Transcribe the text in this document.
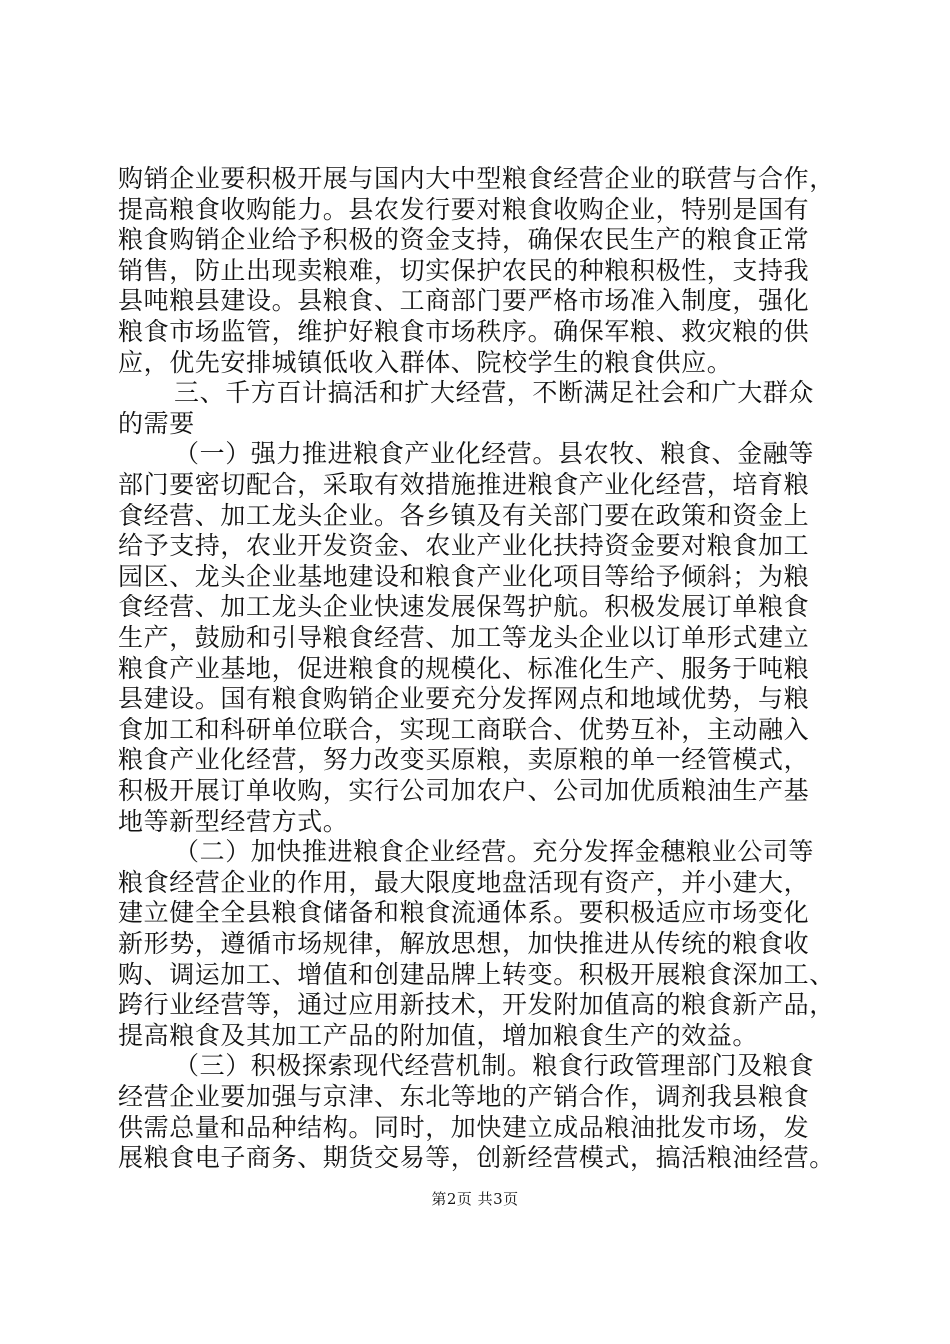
购销企业要积极开展与国内大中型粮食经营企业的联营与合作，
提高粮食收购能力。县农发行要对粮食收购企业，特别是国有
粮食购销企业给予积极的资金支持，确保农民生产的粮食正常
销售，防止出现卖粮难，切实保护农民的种粮积极性，支持我
县吨粮县建设。县粮食、工商部门要严格市场准入制度，强化
粮食市场监管，维护好粮食市场秩序。确保军粮、救灾粮的供
应，优先安排城镇低收入群体、院校学生的粮食供应。
三、千方百计搞活和扩大经营，不断满足社会和广大群众
的需要
（一）强力推进粮食产业化经营。县农牧、粮食、金融等
部门要密切配合，采取有效措施推进粮食产业化经营，培育粮
食经营、加工龙头企业。各乡镇及有关部门要在政策和资金上
给予支持，农业开发资金、农业产业化扶持资金要对粮食加工
园区、龙头企业基地建设和粮食产业化项目等给予倾斜；为粮
食经营、加工龙头企业快速发展保驾护航。积极发展订单粮食
生产，鼓励和引导粮食经营、加工等龙头企业以订单形式建立
粮食产业基地，促进粮食的规模化、标准化生产、服务于吨粮
县建设。国有粮食购销企业要充分发挥网点和地域优势，与粮
食加工和科研单位联合，实现工商联合、优势互补，主动融入
粮食产业化经营，努力改变买原粮，卖原粮的单一经管模式，
积极开展订单收购，实行公司加农户、公司加优质粮油生产基
地等新型经营方式。
（二）加快推进粮食企业经营。充分发挥金穗粮业公司等
粮食经营企业的作用，最大限度地盘活现有资产，并小建大，
建立健全全县粮食储备和粮食流通体系。要积极适应市场变化
新形势，遵循市场规律，解放思想，加快推进从传统的粮食收
购、调运加工、增值和创建品牌上转变。积极开展粮食深加工、
跨行业经营等，通过应用新技术，开发附加值高的粮食新产品，
提高粮食及其加工产品的附加值，增加粮食生产的效益。
（三）积极探索现代经营机制。粮食行政管理部门及粮食
经营企业要加强与京津、东北等地的产销合作，调剂我县粮食
供需总量和品种结构。同时，加快建立成品粮油批发市场，发
展粮食电子商务、期货交易等，创新经营模式，搞活粮油经营。
第2页 共3页
